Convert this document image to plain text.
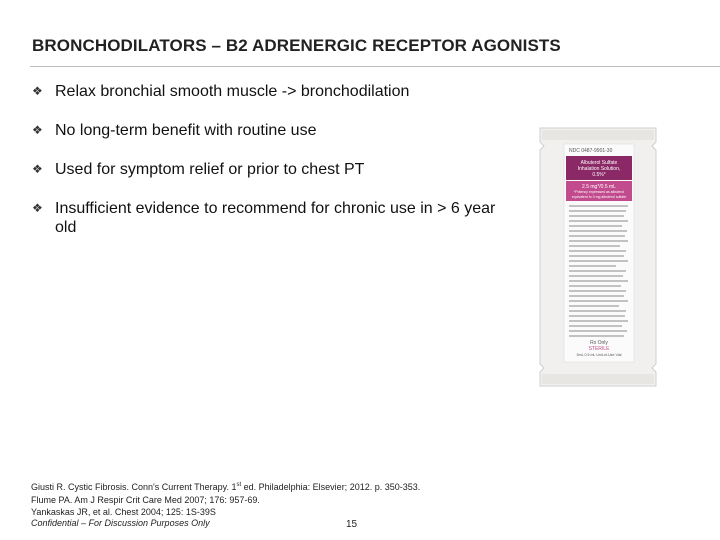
BRONCHODILATORS – B2 ADRENERGIC RECEPTOR AGONISTS
❖ Relax bronchial smooth muscle -> bronchodilation
❖ No long-term benefit with routine use
❖ Used for symptom relief or prior to chest PT
❖ Insufficient evidence to recommend for chronic use in > 6 year old
NDC 0487-9901-30
Albuterol Sulfate
Inhalation Solution,
0.5%*
2.5 mg*/0.5 mL
*Potency expressed as albuterol
equivalent to 3 mg albuterol sulfate
Rx Only
STERILE
5mL 0.5 mL Unit-of-Use Vial
Giusti R. Cystic Fibrosis. Conn's Current Therapy. 1st ed. Philadelphia: Elsevier; 2012. p. 350-353.
Flume PA. Am J Respir Crit Care Med 2007; 176: 957-69.
Yankaskas JR, et al. Chest 2004; 125: 1S-39S
Confidential – For Discussion Purposes Only	15
